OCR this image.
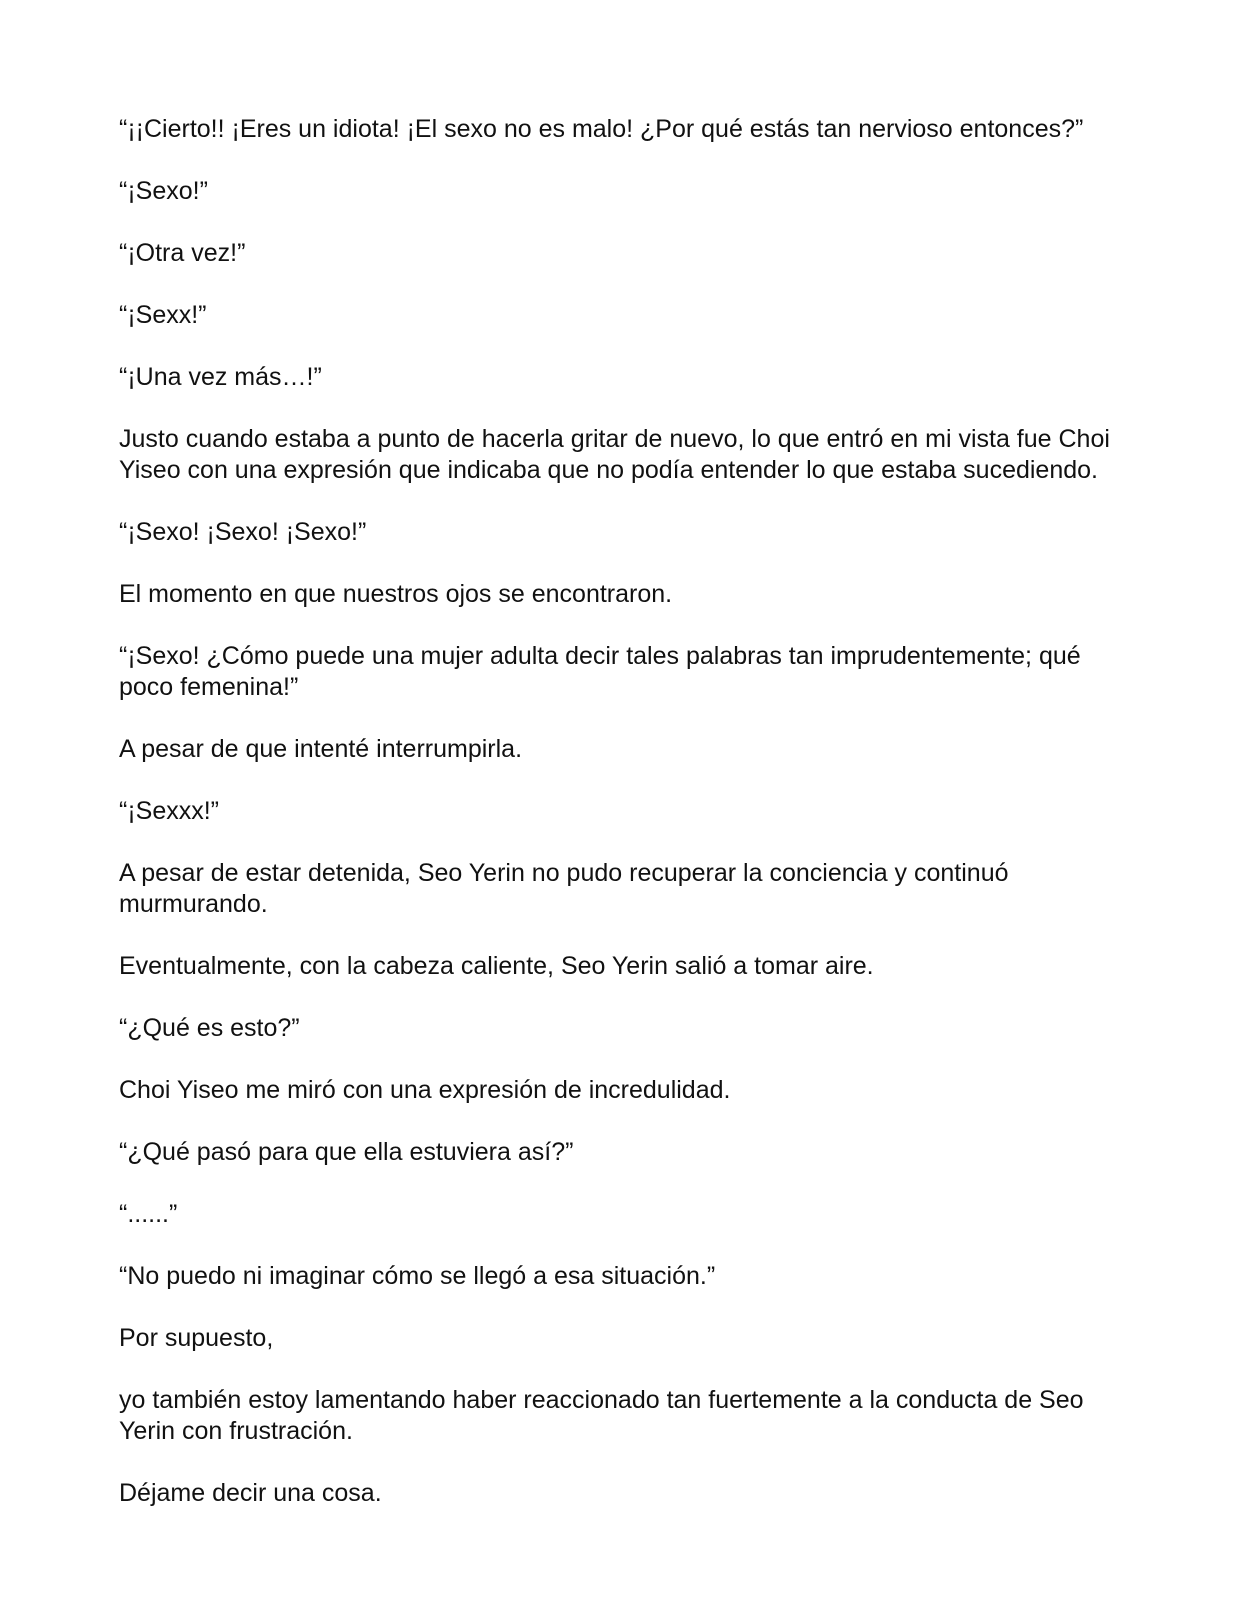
“¡¡Cierto!! ¡Eres un idiota! ¡El sexo no es malo! ¿Por qué estás tan nervioso entonces?”

“¡Sexo!”

“¡Otra vez!”

“¡Sexx!”

“¡Una vez más…!”

Justo cuando estaba a punto de hacerla gritar de nuevo, lo que entró en mi vista fue Choi Yiseo con una expresión que indicaba que no podía entender lo que estaba sucediendo.

“¡Sexo! ¡Sexo! ¡Sexo!”

El momento en que nuestros ojos se encontraron.

“¡Sexo! ¿Cómo puede una mujer adulta decir tales palabras tan imprudentemente; qué poco femenina!”

A pesar de que intenté interrumpirla.

“¡Sexxx!”

A pesar de estar detenida, Seo Yerin no pudo recuperar la conciencia y continuó murmurando.

Eventualmente, con la cabeza caliente, Seo Yerin salió a tomar aire.

“¿Qué es esto?”

Choi Yiseo me miró con una expresión de incredulidad.

“¿Qué pasó para que ella estuviera así?”

“......”

“No puedo ni imaginar cómo se llegó a esa situación.”

Por supuesto,

yo también estoy lamentando haber reaccionado tan fuertemente a la conducta de Seo Yerin con frustración.

Déjame decir una cosa.
